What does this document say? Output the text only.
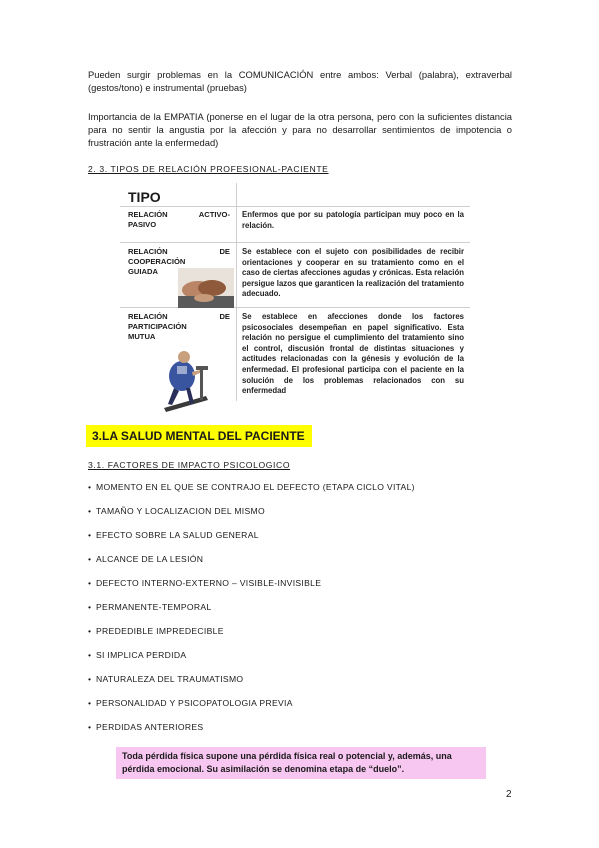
Pueden surgir problemas en la COMUNICACIÓN entre ambos: Verbal (palabra), extraverbal (gestos/tono) e instrumental (pruebas)
Importancia de la EMPATIA (ponerse en el lugar de la otra persona, pero con la suficientes distancia para no sentir la angustia por la afección y para no desarrollar sentimientos de impotencia o frustración ante la enfermedad)
2. 3. TIPOS DE RELACIÓN PROFESIONAL-PACIENTE
TIPO
RELACIÓN ACTIVO-
PASIVO
Enfermos que por su patología participan muy poco en la relación.
RELACIÓN DE
COOPERACIÓN
GUIADA
Se establece con el sujeto con posibilidades de recibir orientaciones y cooperar en su tratamiento como en el caso de ciertas afecciones agudas y crónicas. Esta relación persigue lazos que garanticen la realización del tratamiento adecuado.
RELACIÓN DE
PARTICIPACIÓN
MUTUA
Se establece en afecciones donde los factores psicosociales desempeñan en papel significativo. Esta relación no persigue el cumplimiento del tratamiento sino el control, discusión frontal de distintas situaciones y actitudes relacionadas con la génesis y evolución de la enfermedad. El profesional participa con el paciente en la solución de los problemas relacionados con su enfermedad
3.LA SALUD MENTAL DEL PACIENTE
3.1. FACTORES DE IMPACTO PSICOLOGICO
• MOMENTO EN EL QUE SE CONTRAJO EL DEFECTO (ETAPA CICLO VITAL)
• TAMAÑO Y LOCALIZACION DEL MISMO
• EFECTO SOBRE LA SALUD GENERAL
• ALCANCE DE LA LESIÓN
• DEFECTO INTERNO-EXTERNO – VISIBLE-INVISIBLE
• PERMANENTE-TEMPORAL
• PREDEDIBLE IMPREDECIBLE
• SI IMPLICA PERDIDA
• NATURALEZA DEL TRAUMATISMO
• PERSONALIDAD Y PSICOPATOLOGIA PREVIA
• PERDIDAS ANTERIORES
Toda pérdida física supone una pérdida física real o potencial y, además, una pérdida emocional. Su asimilación se denomina etapa de “duelo”.
2
